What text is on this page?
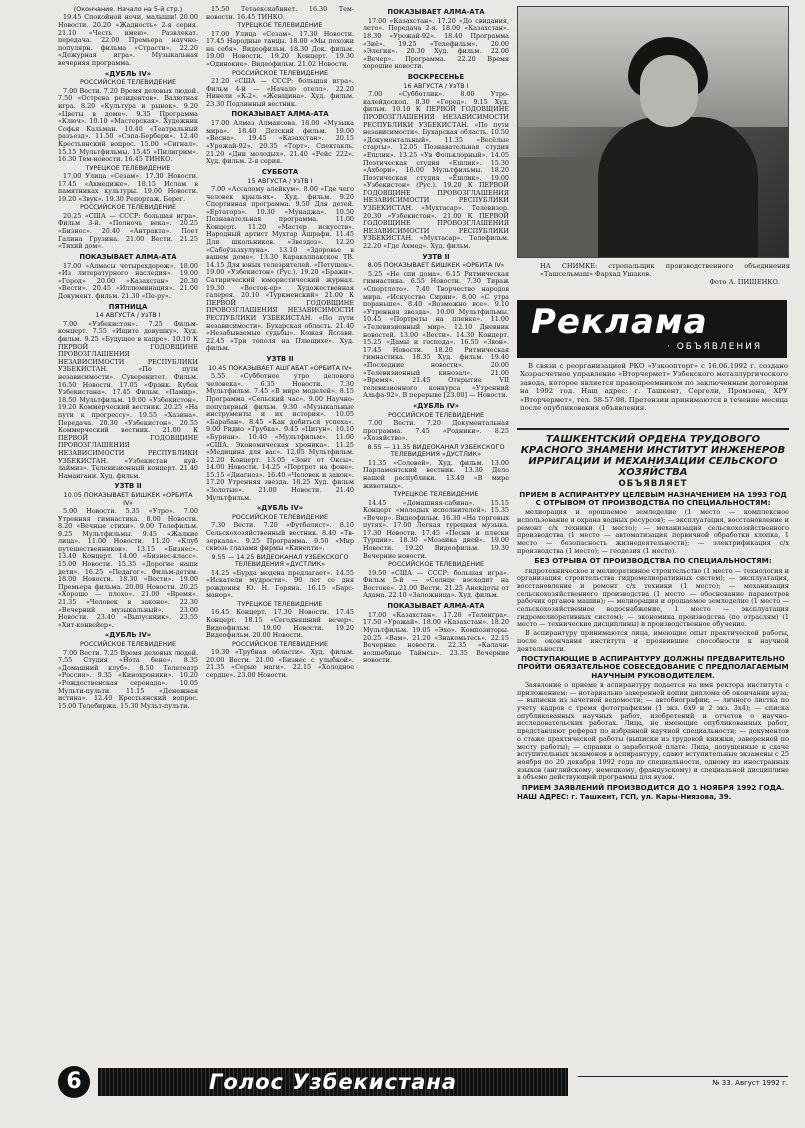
(Окончание. Начало на 5-й стр.)

19.45 Спокойной ночи, малыши! 20.00 Новости. 20.20 «Жадность» 2-я серия. 21.10 «Честь имею». Развлекат. передача. 22.00 Премьера научно-популярн. фильма «Страсти». 22.20 «Дежурная игра». Музыкальная вечерняя программа.

«ДУБЛЬ IV»
РОССИЙСКОЕ ТЕЛЕВИДЕНИЕ

7.00 Вести. 7.20 Время деловых людей. 7.50 «Острова резидентов». Валютная игра. 8.20 «Культура и рынок». 9.20 «Цветы в доме». 9.35 Программа «Ключ». 10.10 «Мастерская». Художник Софья Кальман. 10.40 «Театральный разъезд». 11.50 «Сэпа-Бербери». 12.40 Крестьянский вопрос. 15.00 «Сигнал». 15.15 Мультфильмы. 15.45 «Пилигрим». 16.30 Тем-новости. 16.45 ТИНКО.

ТУРЕЦКОЕ ТЕЛЕВИДЕНИЕ

17.00 Улица «Сезам». 17.30 Новости. 17.45 «Ахмедиже». 18.15 Ислам в памятниках культуры. 19.00 Новости. 19.20 «Звук». 19.30 Репортаж. Берег.

РОССИЙСКОЕ ТЕЛЕВИДЕНИЕ

20.25 «США — СССР: большая игра». Фильм 3-й. «Полночь века». 20.25 «Бизнес». 20.40 «Антракта». Поет Галина Грузина. 21.00 Вести. 21.25 «Тихий дом».

ПОКАЗЫВАЕТ АЛМА-АТА

17.00 «Алмасы четырехдорож». 18.00 «Из литературного наследия». 19.00 «Город» 20.00 «Казахстан» 20.30 «Вести». 20.45 «Иллюминация». 21.00 Документ. фильм. 21.30 «Пе-ру».

ПЯТНИЦА
14 АВГУСТА / УзТВ I

7.00 «Узбекистон». 7.25 Фильм-концерт. 7.55 «Ищите девушку». Худ. фильм. 9.25 «Будущее в кадре». 10.10 К ПЕРВОЙ ГОДОВЩИНЕ ПРОВОЗГЛАШЕНИЯ НЕЗАВИСИМОСТИ РЕСПУБЛИКИ УЗБЕКИСТАН. «По пути независимости». Суверенитет. Фильм. 16.50 Новости. 17.05 «Фрэнк. Кубок Узбекистана». 17.45 Фильм. «Памир». 18.50 Мультфильм. 19.00 «Узбекистон». 19.20 Коммерческий вестник. 20.25 «На пути к прогрессу». 19.55 «Хазина». Передача. 20.30 «Узбекистон». 20.55 Коммерческий вестник. 21.00 К ПЕРВОЙ ГОДОВЩИНЕ ПРОВОЗГЛАШЕНИЯ НЕЗАВИСИМОСТИ РЕСПУБЛИКИ УЗБЕКИСТАН. «Узбекистан куй-лаймиз». Телевизионный концерт. 21.40 Намангани. Худ. фильм.

УЗТВ II
10.05 ПОКАЗЫВАЕТ БИШКЕК «ОРБИТА IV»

5.00 Новости. 5.35 «Утро». 7.00 Утренняя гимнастика. 8.00 Новости. 8.20 «Вечные стихи». 9.00 Телефильм. 9.25 Мультфильмы. 9.45 «Жалкие лица». 11.00 Новости. 11.20 «Клуб путешественников». 13.15 «Бизнес». 13.40 Концерт. 14.00 «Бизнес-класс». 15.00 Новости. 15.35 «Дорогие наши дети». 16.25 «Педагог». Фильм-детям. 18.00 Новости. 18.30 «Вести». 19.00 Премьера фильма. 20.00 Новости. 20.25 «Хорошо — плохо». 21.00 «Время». 21.35 «Человек в законе». 22.30 «Вечерний музыкальный». 23.00 Новости. 23.40 «Выпускник». 23.55 «Хит-конвейер».

«ДУБЛЬ IV»
РОССИЙСКОЕ ТЕЛЕВИДЕНИЕ

7.00 Вести. 7.25 Время деловых людей. 7.55 Студия «Нота бене». 8.35 «Домашний клуб». 8.50 Телетеатр «Россия». 9.35 «Кинохроники». 10.20 «Рождественская серенада». 10.05 Мульти-пульти. 11.15 «Денежная истина». 12.40 Крестьянский вопрос. 15.00 Телебиржа. 15.30 Мульт-пульти.

15.50 Тетаекскабинет. 16.30 Тем-новости. 16.45 ТИНКО.

ТУРЕЦКОЕ ТЕЛЕВИДЕНИЕ

17.00 Улица «Сезам». 17.30 Новости. 17.45 Народные танцы. 18.00 «Мы похожи на себя». Видеофильм. 18.30 Док. фильм. 19.00 Новости. 19.20 Концерт. 19.30 «Одинокие». Видеофильм. 21.02 Новости.

РОССИЙСКОЕ ТЕЛЕВИДЕНИЕ

21.20 «США — СССР: большая игра». Фильм 4-й — «Начало отелл». 22.20 Нинели «К-2». «Женщина». Худ. фильм. 23.30 Подлинный вестник.

ПОКАЗЫВАЕТ АЛМА-АТА

17.00 Алмаз Алмаясова. 18.00 «Музыка мира». 18.40 Детский фильм. 19.00 «Весна». 19.45 «Казахстан». 20.15 «Урожай-92». 20.35 «Торт». Спектакль. 21.20 «Дни молодых». 21.40 «Рейс 222». Худ. фильм. 2-я серия.

СУББОТА
15 АВГУСТА / УзТВ I

7.00 «Ассалому алейкум». 8.00 «Где чего человек крыльях». Худ. фильм. 9.20 Спортивная программа. 9.50 Для детей. «Ертаторэ». 10.30 «Мунаджа». 10.50 Познавательная программа. 11.00 Концерт. 11.20 «Мастер искусств». Народный артист Мухтар Ашрафи. 11.45 Для школьников. «Звездоз». 12.20 «Сабоўзьзхулуна». 13.10 «Здоровье в вашем доме». 13.30 Каракалпакское ТВ. 14.15 Для юных телезрителей. «Петушок». 19.00 «Узбекистон» (Рус.). 19.20 «Бражи». Сатирический юмористический журнал. 19.30 «Восток-ер» Художественная галерея. 20.10 «Туркменский» 21.00 К ПЕРВОЙ ГОДОВЩИНЕ ПРОВОЗГЛАШЕНИЯ НЕЗАВИСИМОСТИ РЕСПУБЛИКИ УЗБЕКИСТАН. «По пути независимости». Бухарская область. 21.40 «Незабываемые судьбы». Кожая Яссави. 22.45 «Три тополя на Плющихе». Худ. фильм.

УЗТВ II
10.45 ПОКАЗЫВАЕТ АШГАБАТ «ОРБИТА IV»

5.55 «Субботнее утро делового человека». 6.35 Новости. 7.30 Мультфильм. 7.45 «В мире моделей». 8.15 Программа «Сельский час». 9.00 Научно-популярный фильм. 9.30 «Музыкальные инструменты и их история». 10.05 «Барабан». 8.45 «Как добиться успеха». 9.00 Ридио «Трубка». 9.45 «Цигун». 10.10 «Буриан». 10.40 «Мультфильм». 11.00 «США. Экономическая хроника». 11.25 «Медицина для вас». 12.05 Мультфильм. 12.20 Концерт. 13.05 «Зонт от Оксы». 14.00 Новости. 14.25 «Портрет на фоне». 15.15 «Диагноз». 16.40 «Человек и закон». 17.20 Утренняя звезда. 18.25 Худ. фильм «Золотые». 21.00 Новости. 21.40 Мультфильм.

«ДУБЛЬ IV»
РОССИЙСКОЕ ТЕЛЕВИДЕНИЕ

7.30 Вести. 7.20 «Футболист». 8.10 Сельскохозяйственный вестник. 8.40 «Тв-зеркала». 9.25 Программа. 9.50 «Мир сквозь глазами фирмы «Кинепти».

9.55 — 14.25 ВИДЕОКАНАЛ УЗБЕКСКОГО ТЕЛЕВИДЕНИЯ «ДУСТЛИК»

14.25 «Бурда модена предлагает». 14.55 «Искатели мудрости». 90 лет со дня рождения Ю. Н. Горяна. 16.15 «Барс-манор».

ТУРЕЦКОЕ ТЕЛЕВИДЕНИЕ

16.45 Концерт. 17.30 Новости. 17.45 Концерт. 18.15 «Сегодняшний вечер». Видеофильм. 19.00 Новости. 19.20 Видеофильм. 20.00 Новости.

РОССИЙСКОЕ ТЕЛЕВИДЕНИЕ

19.30 «Трубная области». Худ. фильм. 20.00 Вести. 21.00 «Бизнес с улыбкой». 21.35 «Серые маги». 22.15 «Холодное сердце». 23.00 Новости.

ПОКАЗЫВАЕТ АЛМА-АТА

17.00 «Казахстан». 17.20 «До свидания, лето». Передача 2-я. 18.00 «Казахстан». 18.30 «Урожай-92». 18.40 Программа «Зиё». 19.25 «Телефильм». 20.00 «Элегия». 20.30 Худ. фильм. 22.00 «Вечер». Программа. 22.20 Время хорошие новости.

ВОСКРЕСЕНЬЕ
16 АВГУСТА / УзТВ I

7.00 «Субботлик». 8.00 Утро-калейдоскоп. 8.30 «Город». 9.15 Худ. фильм. 10.10 К ПЕРВОЙ ГОДОВЩИНЕ ПРОВОЗГЛАШЕНИЯ НЕЗАВИСИМОСТИ РЕСПУБЛИКИ УЗБЕКИСТАН. «По пути независимости». Бухарская область. 10.50 «Документальный». 11.35 «Весёлые старты». 12.05 Познавательная студия «Ешлик». 13.25 «Ув Фольклорный». 14.05 Поэтическая студия «Ешлик». 15.30 «Ахбори». 16.00 Мультфильмы. 18.20 Поэтическая студия «Ёшлик». 19.00 «Узбекистон» (Рус.). 19.20 К ПЕРВОЙ ГОДОВЩИНЕ ПРОВОЗГЛАШЕНИЯ НЕЗАВИСИМОСТИ РЕСПУБЛИКИ УЗБЕКИСТАН. «Мухтасар». Телевизор. 20.30 «Узбекистон». 21.00 К ПЕРВОЙ ГОДОВЩИНЕ ПРОВОЗГЛАШЕНИЯ НЕЗАВИСИМОСТИ РЕСПУБЛИКИ УЗБЕКИСТАН. «Мухтасар». Телефильм. 22.20 «Где Ахмед». Худ. фильм.

УЗТВ II
8.05 ПОКАЗЫВАЕТ БИШКЕК «ОРБИТА IV»

5.25 «Не спи дома». 6.15 Ритмическая гимнастика. 6.55 Новости. 7.30 Тираж «Спортлото». 7.40 Творчество народов мира. «Искусство Сирии». 8.00 «С утра пораньше». 8.40 «Возможно все». 9.10 «Утренняя звезда». 10.00 Мультфильмы. 10.45 «Портреты на пленке». 11.00 «Телевизионный мир». 12.10 Дневник новостей. 13.00 «Вести». 14.30 Концерт. 15.25 «Дамы и господа». 16.55 «Звон». 17.45 Новости. 18.20 Ритмическая гимнастика. 18.35 Худ. фильм. 19.40 «Последние новости». 20.00 «Телевизионный кинозал». 21.00 «Время». 21.45 Открытие VII телевизионного конкурса «Утренний Альфа-92». В перерыве [23.00] — Новости.

«ДУБЛЬ IV»
РОССИЙСКОЕ ТЕЛЕВИДЕНИЕ

7.00 Вести. 7.20 Документальная программа. 7.45 «Родники». 8.25 «Хозяйство».

8.55 — 11.35 ВИДЕОКАНАЛ УЗБЕКСКОГО ТЕЛЕВИДЕНИЯ «ДУСТЛИК»

11.35 «Соловей». Худ. фильм. 13.00 Парламентский вестник. 13.30 Дело нашей республики. 13.40 «В мире животных».

ТУРЕЦКОЕ ТЕЛЕВИДЕНИЕ

14.45 «Домашняя-сабина». 15.15 Концерт «молодых исполнителей». 15.35 «Вечер». Видеофильм. 16.30 «На торговых путях». 17.00 Легкая турецкая музыка. 17.30 Новости. 17.45 «Песни и пляски Турции». 18.30 «Мозаика дней». 19.00 Новости. 19.20 Видеофильм. 19.30 Вечерние новости.

РОССИЙСКОЕ ТЕЛЕВИДЕНИЕ

19.50 «США — СССР: большая игра». Фильм 5-й — «Солнце восходит на Востоке». 21.00 Вести. 21.25 Анекдоты от Адама. 22.10 «Заложница». Худ. фильм.

ПОКАЗЫВАЕТ АЛМА-АТА

17.00 «Казахстан». 17.20 «Телеигра». 17.50 «Урожай». 18.00 «Казахстан». 18.20 Мультфильм. 19.05 «Эхо». Композиторы. 20.25 «Вам». 21.20 «Знакомьтесь». 22.15 Вечерние новости. 22.35 «Калачи-волшебные Таймсы». 23.35 Вечерние новости.

НА СНИМКЕ: стропальщик производственного объединения «Ташсельмаш» Фархад Ушаков.
Фото А. ПИШЕНКО.
Реклама
· ОБЪЯВЛЕНИЯ

В связи с реорганизацией РКО «Узкоопторг» с 16.06.1992 г. создано Хозрасчетное управление «Вторчермет» Узбекского металлургического завода, которое является правопреемником по заключенным договорам на 1992 год. Наш адрес: г. Ташкент, Сергели, Промзона, ХРУ «Вторчермет», тел. 58-57-98. Претензии принимаются в течение месяца после опубликования объявления.

ТАШКЕНТСКИЙ ОРДЕНА ТРУДОВОГО КРАСНОГО ЗНАМЕНИ ИНСТИТУТ ИНЖЕНЕРОВ ИРРИГАЦИИ И МЕХАНИЗАЦИИ СЕЛЬСКОГО ХОЗЯЙСТВА
ОБЪЯВЛЯЕТ
ПРИЕМ В АСПИРАНТУРУ ЦЕЛЕВЫМ НАЗНАЧЕНИЕМ НА 1993 ГОД С ОТРЫВОМ ОТ ПРОИЗВОДСТВА ПО СПЕЦИАЛЬНОСТЯМ:

мелиорация и орошаемое земледелие (1 место — комплексное использование и охрана водных ресурсов); — эксплуатация, восстановление и ремонт с/х техники (1 место); — механизация сельскохозяйственного производства (1 место — автоматизация первичной обработки хлопка, 1 место — безопасность жизнедеятельности); — электрификация с/х производства (1 место); — геодезия (1 место).

БЕЗ ОТРЫВА ОТ ПРОИЗВОДСТВА ПО СПЕЦИАЛЬНОСТЯМ:

гидротехническое и мелиоративное строительство (1 место — технология и организация строительства гидромелиоративных систем); — эксплуатация, восстановление и ремонт с/х техники (1 место); — механизация сельскохозяйственного производства (1 место — обоснование параметров рабочих органов машин); — мелиорация и орошаемое земледелие (1 место — сельскохозяйственное водоснабжение, 1 место — эксплуатация гидромелиоративных систем); — экономика производства (по отраслям) (1 место — технические дисциплины) и производственное обучение.

В аспирантуру принимаются лица, имеющие опыт практической работы, после окончания института и проявившие способности к научной деятельности.

ПОСТУПАЮЩИЕ В АСПИРАНТУРУ ДОЛЖНЫ ПРЕДВАРИТЕЛЬНО ПРОЙТИ ОБЯЗАТЕЛЬНОЕ СОБЕСЕДОВАНИЕ С ПРЕДПОЛАГАЕМЫМ НАУЧНЫМ РУКОВОДИТЕЛЕМ.

Заявление о приеме в аспирантуру подается на имя ректора института с приложением: — нотариально заверенной копии диплома об окончании вуза; — выписки из зачетной ведомости; — автобиографии; — личного листка по учету кадров с тремя фотографиями (1 экз. 6х9 и 2 экз. 3х4); — списка опубликованных научных работ, изобретений и отчетов о научно-исследовательских работах. Лица, не имеющие опубликованных работ, представляют реферат по избранной научной специальности; — документов о стаже практической работы (выписки из трудовой книжки, заверенной по месту работы); — справки о заработной плате. Лица, допущенные к сдаче вступительных экзаменов в аспирантуру, сдают вступительные экзамены с 25 ноября по 20 декабря 1992 года по специальности, одному из иностранных языков (английскому, немецкому, французскому) и специальной дисциплине в объеме действующей программы для вузов.

ПРИЕМ ЗАЯВЛЕНИЙ ПРОИЗВОДИТСЯ ДО 1 НОЯБРЯ 1992 ГОДА.
НАШ АДРЕС: г. Ташкент, ГСП, ул. Кары-Ниязова, 39.
6	Голос Узбекистана	№ 33. Август 1992 г.
